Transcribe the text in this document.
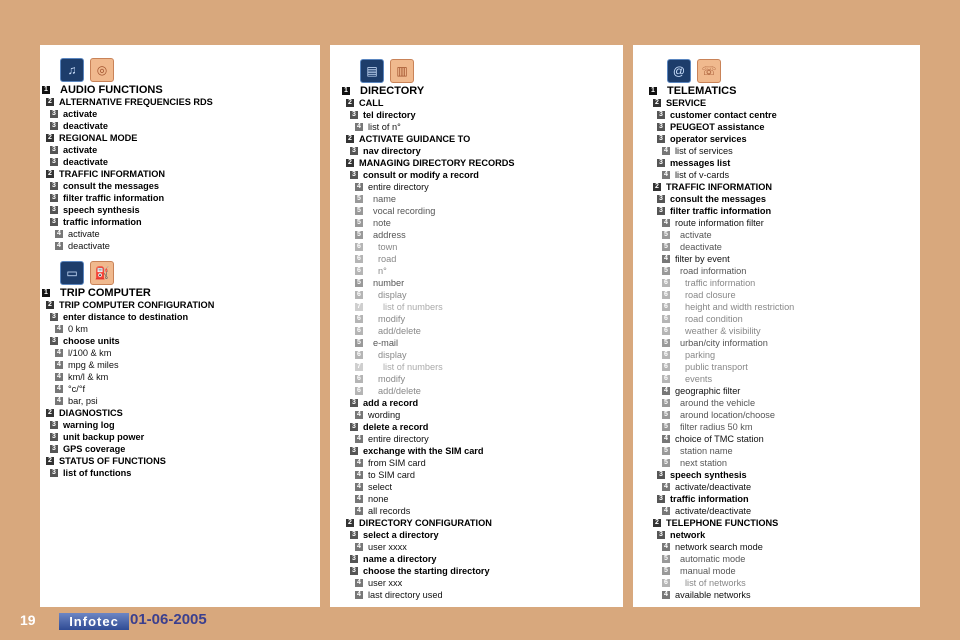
♫	◎
1 AUDIO FUNCTIONS
2 ALTERNATIVE FREQUENCIES RDS
3 activate
3 deactivate
2 REGIONAL MODE
3 activate
3 deactivate
2 TRAFFIC INFORMATION
3 consult the messages
3 filter traffic information
3 speech synthesis
3 traffic information
4 activate
4 deactivate
▭	⛽
1 TRIP COMPUTER
2 TRIP COMPUTER CONFIGURATION
3 enter distance to destination
4 0 km
3 choose units
4 l/100 & km
4 mpg & miles
4 km/l & km
4 °c/°f
4 bar, psi
2 DIAGNOSTICS
3 warning log
3 unit backup power
3 GPS coverage
2 STATUS OF FUNCTIONS
3 list of functions
▤	▥
1 DIRECTORY
2 CALL
3 tel directory
4 list of n°
2 ACTIVATE GUIDANCE TO
3 nav directory
2 MANAGING DIRECTORY RECORDS
3 consult or modify a record
4 entire directory
5 name
5 vocal recording
5 note
5 address
6 town
6 road
6 n°
5 number
6 display
7 list of numbers
6 modify
6 add/delete
5 e-mail
6 display
7 list of numbers
6 modify
6 add/delete
3 add a record
4 wording
3 delete a record
4 entire directory
3 exchange with the SIM card
4 from SIM card
4 to SIM card
4 select
4 none
4 all records
2 DIRECTORY CONFIGURATION
3 select a directory
4 user xxxx
3 name a directory
3 choose the starting directory
4 user xxx
4 last directory used
@	☏
1 TELEMATICS
2 SERVICE
3 customer contact centre
3 PEUGEOT assistance
3 operator services
4 list of services
3 messages list
4 list of v-cards
2 TRAFFIC INFORMATION
3 consult the messages
3 filter traffic information
4 route information filter
5 activate
5 deactivate
4 filter by event
5 road information
6 traffic information
6 road closure
6 height and width restriction
6 road condition
6 weather & visibility
5 urban/city information
6 parking
6 public transport
6 events
4 geographic filter
5 around the vehicle
5 around location/choose
5 filter radius 50 km
4 choice of TMC station
5 station name
5 next station
3 speech synthesis
4 activate/deactivate
3 traffic information
4 activate/deactivate
2 TELEPHONE FUNCTIONS
3 network
4 network search mode
5 automatic mode
5 manual mode
6 list of networks
4 available networks
19	Infotec 01-06-2005
